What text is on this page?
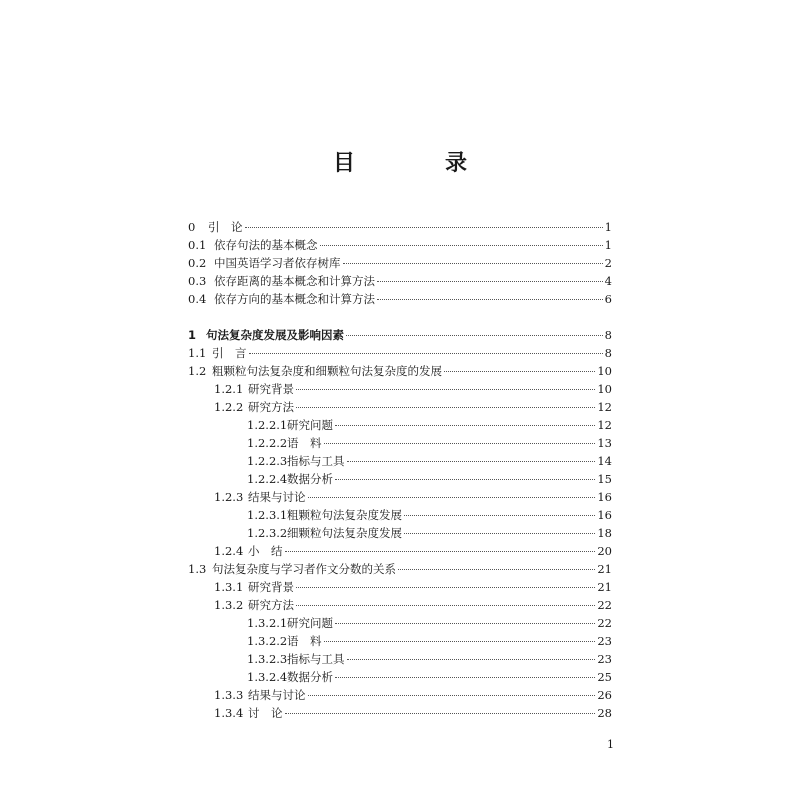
目　录
0	引　论	1
0.1 依存句法的基本概念	1
0.2 中国英语学习者依存树库	2
0.3 依存距离的基本概念和计算方法	4
0.4 依存方向的基本概念和计算方法	6
1 句法复杂度发展及影响因素	8
1.1 引　言	8
1.2 粗颗粒句法复杂度和细颗粒句法复杂度的发展	10
1.2.1 研究背景	10
1.2.2 研究方法	12
1.2.2.1 研究问题	12
1.2.2.2 语　料	13
1.2.2.3 指标与工具	14
1.2.2.4 数据分析	15
1.2.3 结果与讨论	16
1.2.3.1 粗颗粒句法复杂度发展	16
1.2.3.2 细颗粒句法复杂度发展	18
1.2.4 小　结	20
1.3 句法复杂度与学习者作文分数的关系	21
1.3.1 研究背景	21
1.3.2 研究方法	22
1.3.2.1 研究问题	22
1.3.2.2 语　料	23
1.3.2.3 指标与工具	23
1.3.2.4 数据分析	25
1.3.3 结果与讨论	26
1.3.4 讨　论	28
1
